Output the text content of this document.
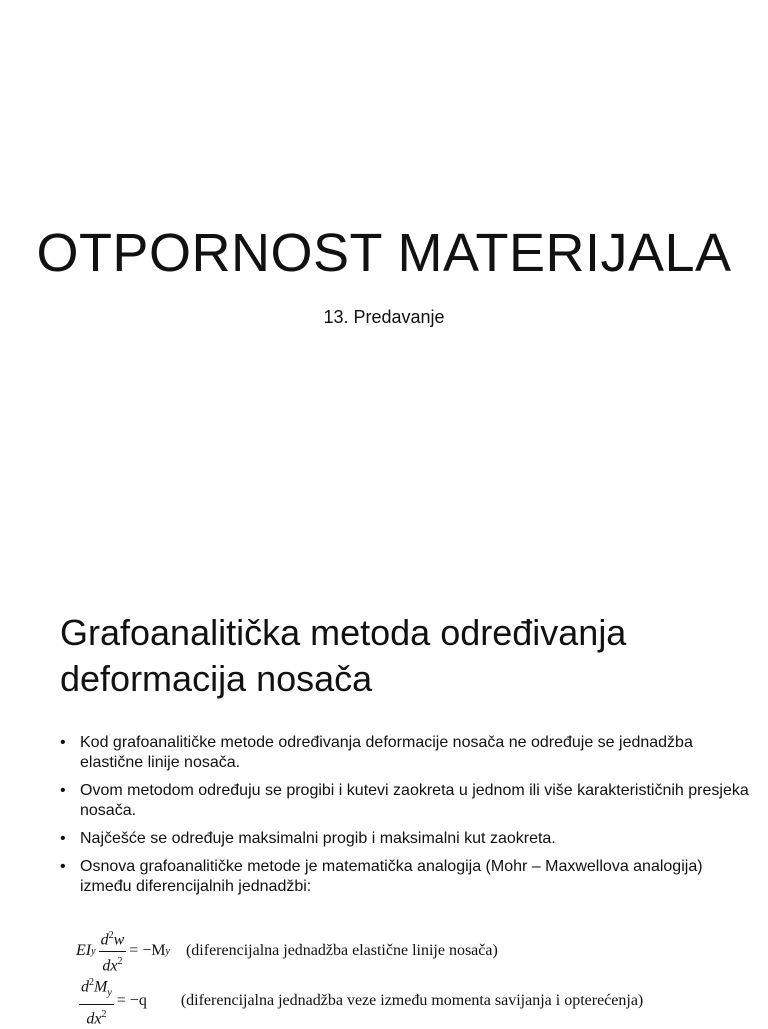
OTPORNOST MATERIJALA
13. Predavanje
Grafoanalitička metoda određivanja
deformacija nosača
• Kod grafoanalitičke metode određivanja deformacije nosača ne određuje se jednadžba elastične linije nosača.
• Ovom metodom određuju se progibi i kutevi zaokreta u jednom ili više karakterističnih presjeka nosača.
• Najčešće se određuje maksimalni progib i maksimalni kut zaokreta.
• Osnova grafoanalitičke metode je matematička analogija (Mohr – Maxwellova analogija) između diferencijalnih jednadžbi:
EI y $\frac{d^2w}{dx^2} = -M$ y (diferencijalna jednadžba elastične linije nosača)
$\frac{d^2M_y}{dx^2} = -q$ (diferencijalna jednadžba veze između momenta savijanja i opterećenja)
